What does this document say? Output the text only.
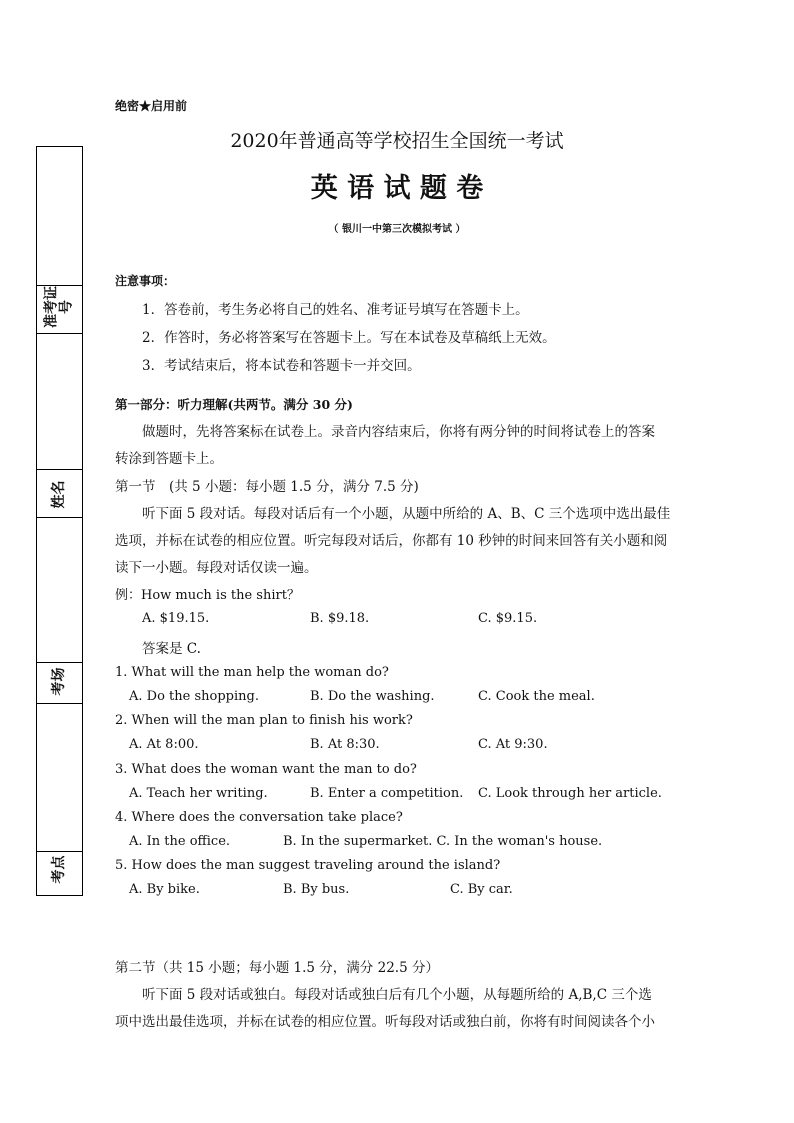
绝密★启用前
2020年普通高等学校招生全国统一考试
英 语 试 题 卷
（ 银川一中第三次模拟考试 ）
准考证号
姓名
考场
考点
注意事项：
1．答卷前，考生务必将自己的姓名、准考证号填写在答题卡上。
2．作答时，务必将答案写在答题卡上。写在本试卷及草稿纸上无效。
3．考试结束后，将本试卷和答题卡一并交回。
第一部分：听力理解(共两节。满分 30 分)
做题时，先将答案标在试卷上。录音内容结束后，你将有两分钟的时间将试卷上的答案
转涂到答题卡上。
第一节　(共 5 小题：每小题 1.5 分，满分 7.5 分)
听下面 5 段对话。每段对话后有一个小题，从题中所给的 A、B、C 三个选项中选出最佳
选项，并标在试卷的相应位置。听完每段对话后，你都有 10 秒钟的时间来回答有关小题和阅
读下一小题。每段对话仅读一遍。
例：How much is the shirt？
A. $19.15.	B. $9.18.	C. $9.15.
答案是 C.
1. What will the man help the woman do?
A. Do the shopping.	B. Do the washing.	C. Cook the meal.
2. When will the man plan to finish his work?
A. At 8:00.	B. At 8:30.	C. At 9:30.
3. What does the woman want the man to do?
A. Teach her writing.	B. Enter a competition. C. Look through her article.
4. Where does the conversation take place?
A. In the office.	B. In the supermarket. C. In the woman's house.
5. How does the man suggest traveling around the island?
A. By bike.	B. By bus.	C. By car.
第二节（共 15 小题；每小题 1.5 分，满分 22.5 分）
听下面 5 段对话或独白。每段对话或独白后有几个小题，从每题所给的 A,B,C 三个选
项中选出最佳选项，并标在试卷的相应位置。听每段对话或独白前，你将有时间阅读各个小
